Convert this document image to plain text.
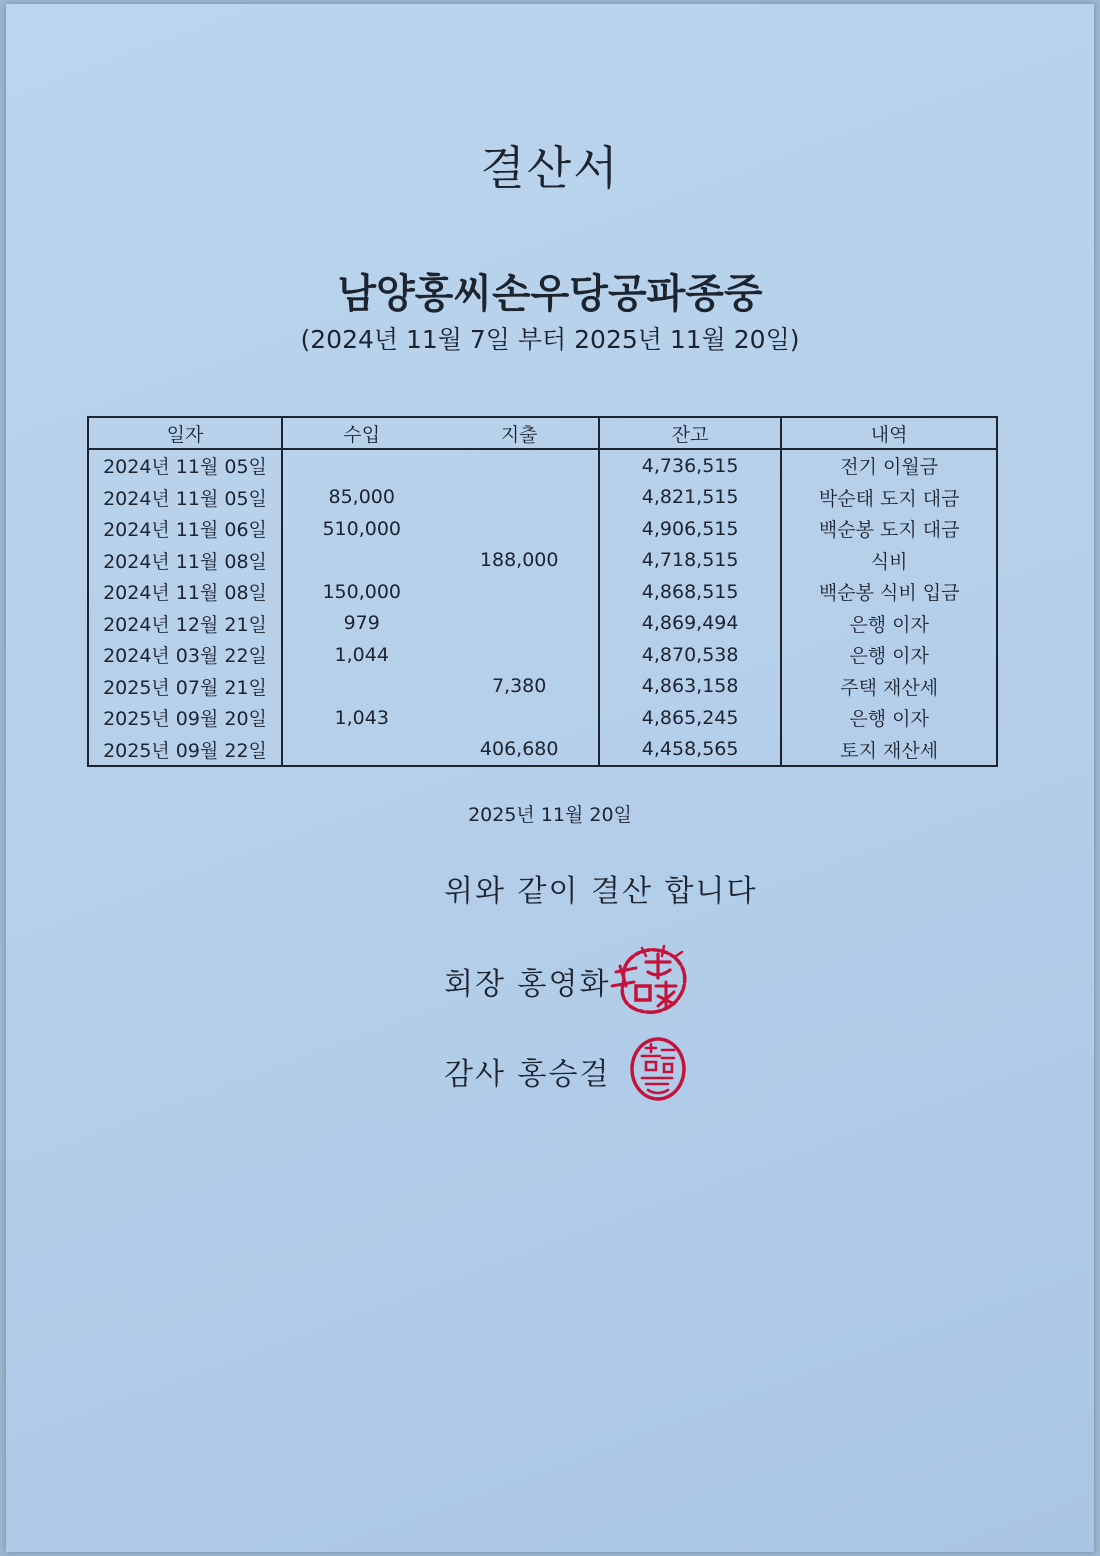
결산서
남양홍씨손우당공파종중
(2024년 11월 7일 부터 2025년 11월 20일)
일자	수입	지출	잔고	내역
2024년 11월 05일			4,736,515	전기 이월금
2024년 11월 05일	85,000		4,821,515	박순태 도지 대금
2024년 11월 06일	510,000		4,906,515	백순봉 도지 대금
2024년 11월 08일		188,000	4,718,515	식비
2024년 11월 08일	150,000		4,868,515	백순봉 식비 입금
2024년 12월 21일	979		4,869,494	은행 이자
2024년 03월 22일	1,044		4,870,538	은행 이자
2025년 07월 21일		7,380	4,863,158	주택 재산세
2025년 09월 20일	1,043		4,865,245	은행 이자
2025년 09월 22일		406,680	4,458,565	토지 재산세
2025년 11월 20일
위와 같이 결산 합니다
회장 홍영화
감사 홍승걸
